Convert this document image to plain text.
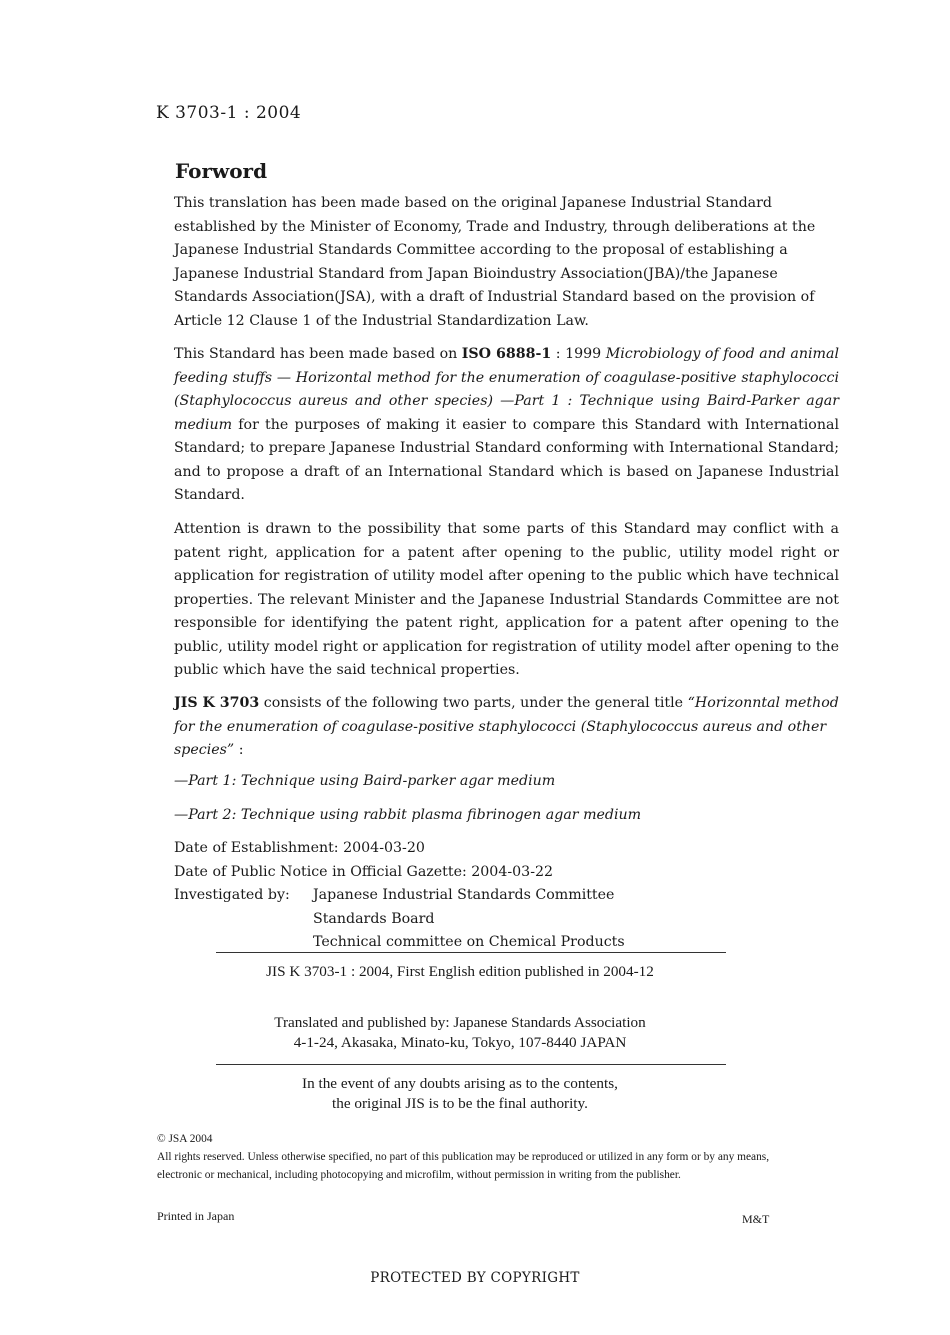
K 3703-1 : 2004
Forword

This translation has been made based on the original Japanese Industrial Standard established by the Minister of Economy, Trade and Industry, through deliberations at the Japanese Industrial Standards Committee according to the proposal of establishing a Japanese Industrial Standard from Japan Bioindustry Association(JBA)/the Japanese Standards Association(JSA), with a draft of Industrial Standard based on the provision of Article 12 Clause 1 of the Industrial Standardization Law.

This Standard has been made based on ISO 6888-1 : 1999 Microbiology of food and animal feeding stuffs — Horizontal method for the enumeration of coagulase-positive staphylococci (Staphylococcus aureus and other species) —Part 1 : Technique using Baird-Parker agar medium for the purposes of making it easier to compare this Standard with International Standard; to prepare Japanese Industrial Standard conforming with International Standard; and to propose a draft of an International Standard which is based on Japanese Industrial Standard.

Attention is drawn to the possibility that some parts of this Standard may conflict with a patent right, application for a patent after opening to the public, utility model right or application for registration of utility model after opening to the public which have technical properties. The relevant Minister and the Japanese Industrial Standards Committee are not responsible for identifying the patent right, application for a patent after opening to the public, utility model right or application for registration of utility model after opening to the public which have the said technical properties.

JIS K 3703 consists of the following two parts, under the general title “Horizonntal method for the enumeration of coagulase-positive staphylococci (Staphylococcus aureus and other species” :

—Part 1: Technique using Baird-parker agar medium

—Part 2: Technique using rabbit plasma fibrinogen agar medium

Date of Establishment: 2004-03-20
Date of Public Notice in Official Gazette: 2004-03-22
Investigated by: Japanese Industrial Standards Committee
Standards Board
Technical committee on Chemical Products
JIS K 3703-1 : 2004, First English edition published in 2004-12
Translated and published by: Japanese Standards Association
4-1-24, Akasaka, Minato-ku, Tokyo, 107-8440 JAPAN
In the event of any doubts arising as to the contents,
the original JIS is to be the final authority.
© JSA 2004
All rights reserved. Unless otherwise specified, no part of this publication may be reproduced or utilized in any form or by any means, electronic or mechanical, including photocopying and microfilm, without permission in writing from the publisher.
Printed in Japan	M&T
PROTECTED BY COPYRIGHT
